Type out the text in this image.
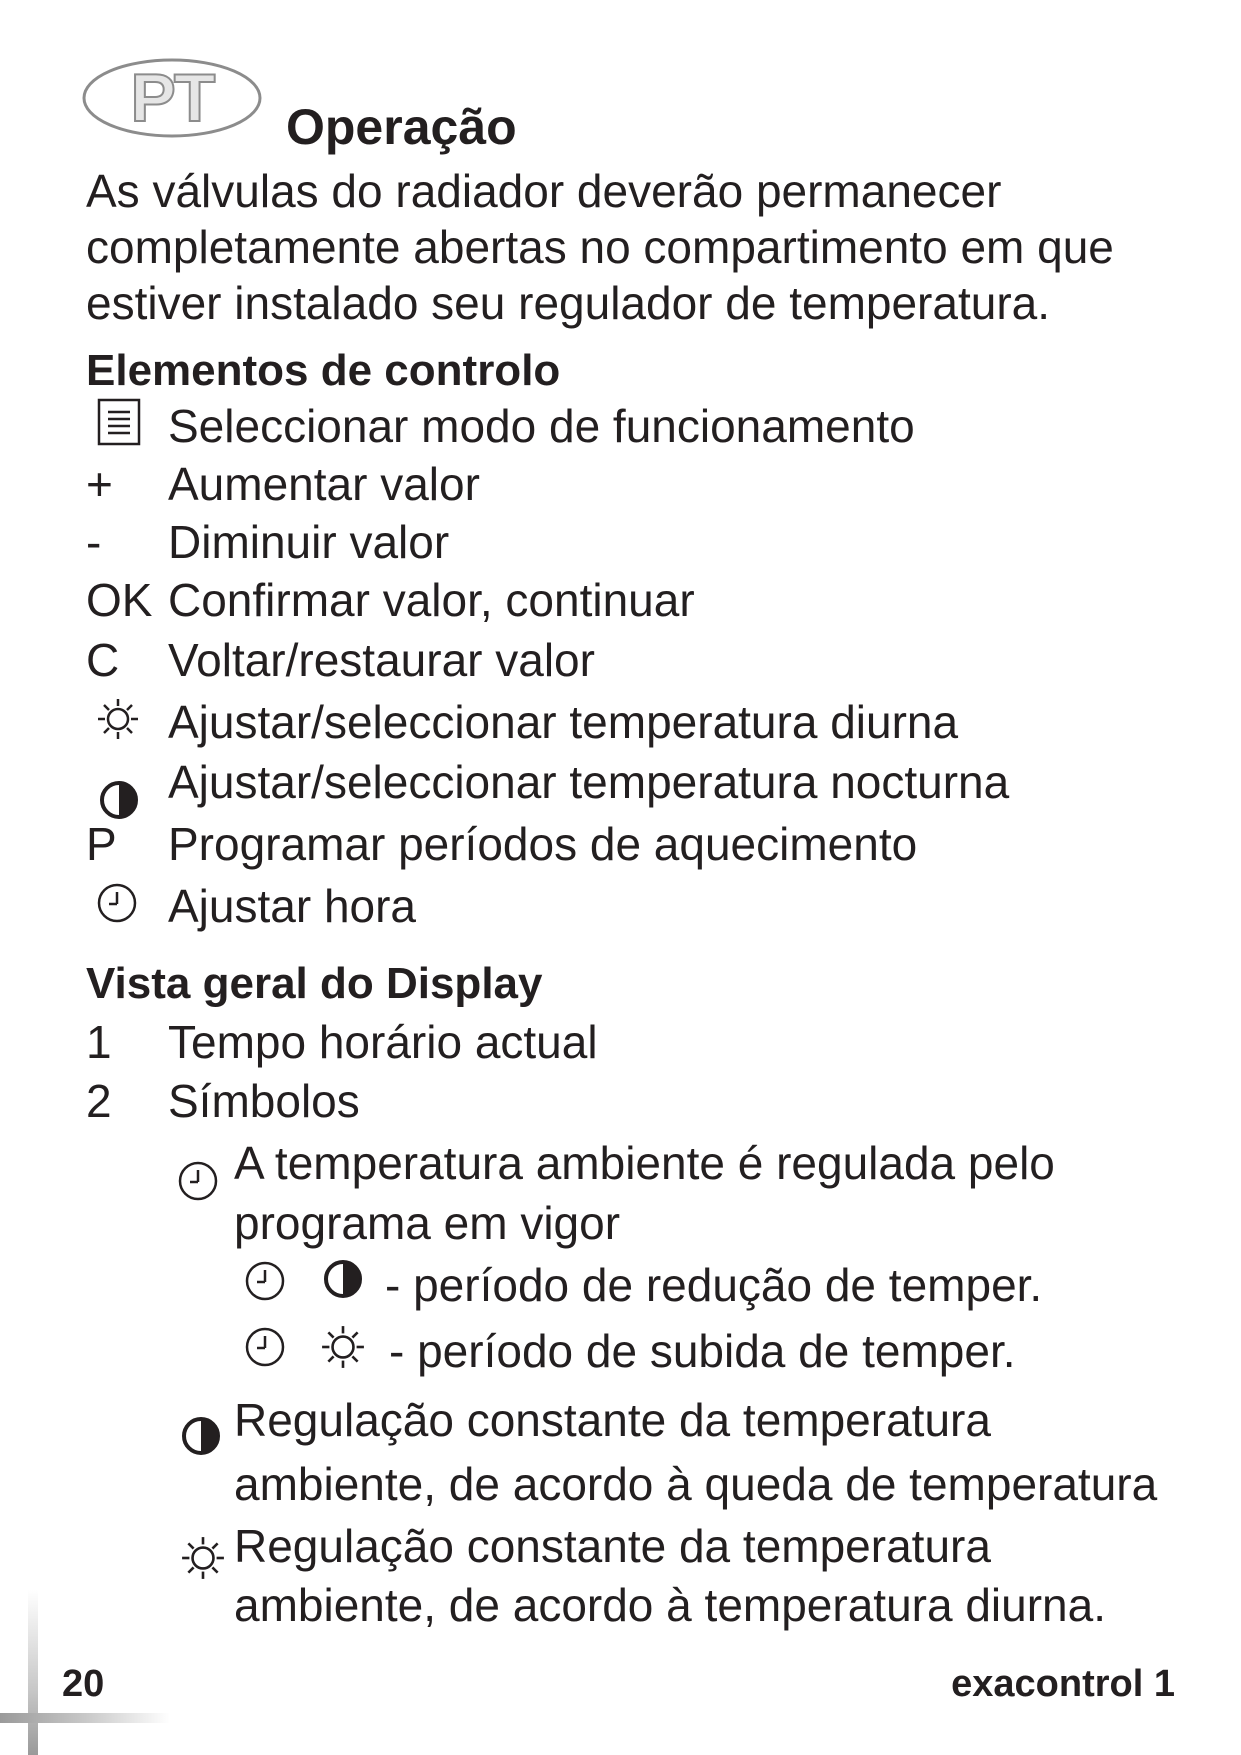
PT	Operação
As válvulas do radiador deverão permanecer
completamente abertas no compartimento em que
estiver instalado seu regulador de temperatura.
Elementos de controlo
Seleccionar modo de funcionamento
+ Aumentar valor
- Diminuir valor
OK Confirmar valor, continuar
C Voltar/restaurar valor
Ajustar/seleccionar temperatura diurna
Ajustar/seleccionar temperatura nocturna
P Programar períodos de aquecimento
Ajustar hora
Vista geral do Display
1 Tempo horário actual
2 Símbolos
A temperatura ambiente é regulada pelo
programa em vigor
- período de redução de temper.
- período de subida de temper.
Regulação constante da temperatura
ambiente, de acordo à queda de temperatura
Regulação constante da temperatura
ambiente, de acordo à temperatura diurna.
20	exacontrol 1
